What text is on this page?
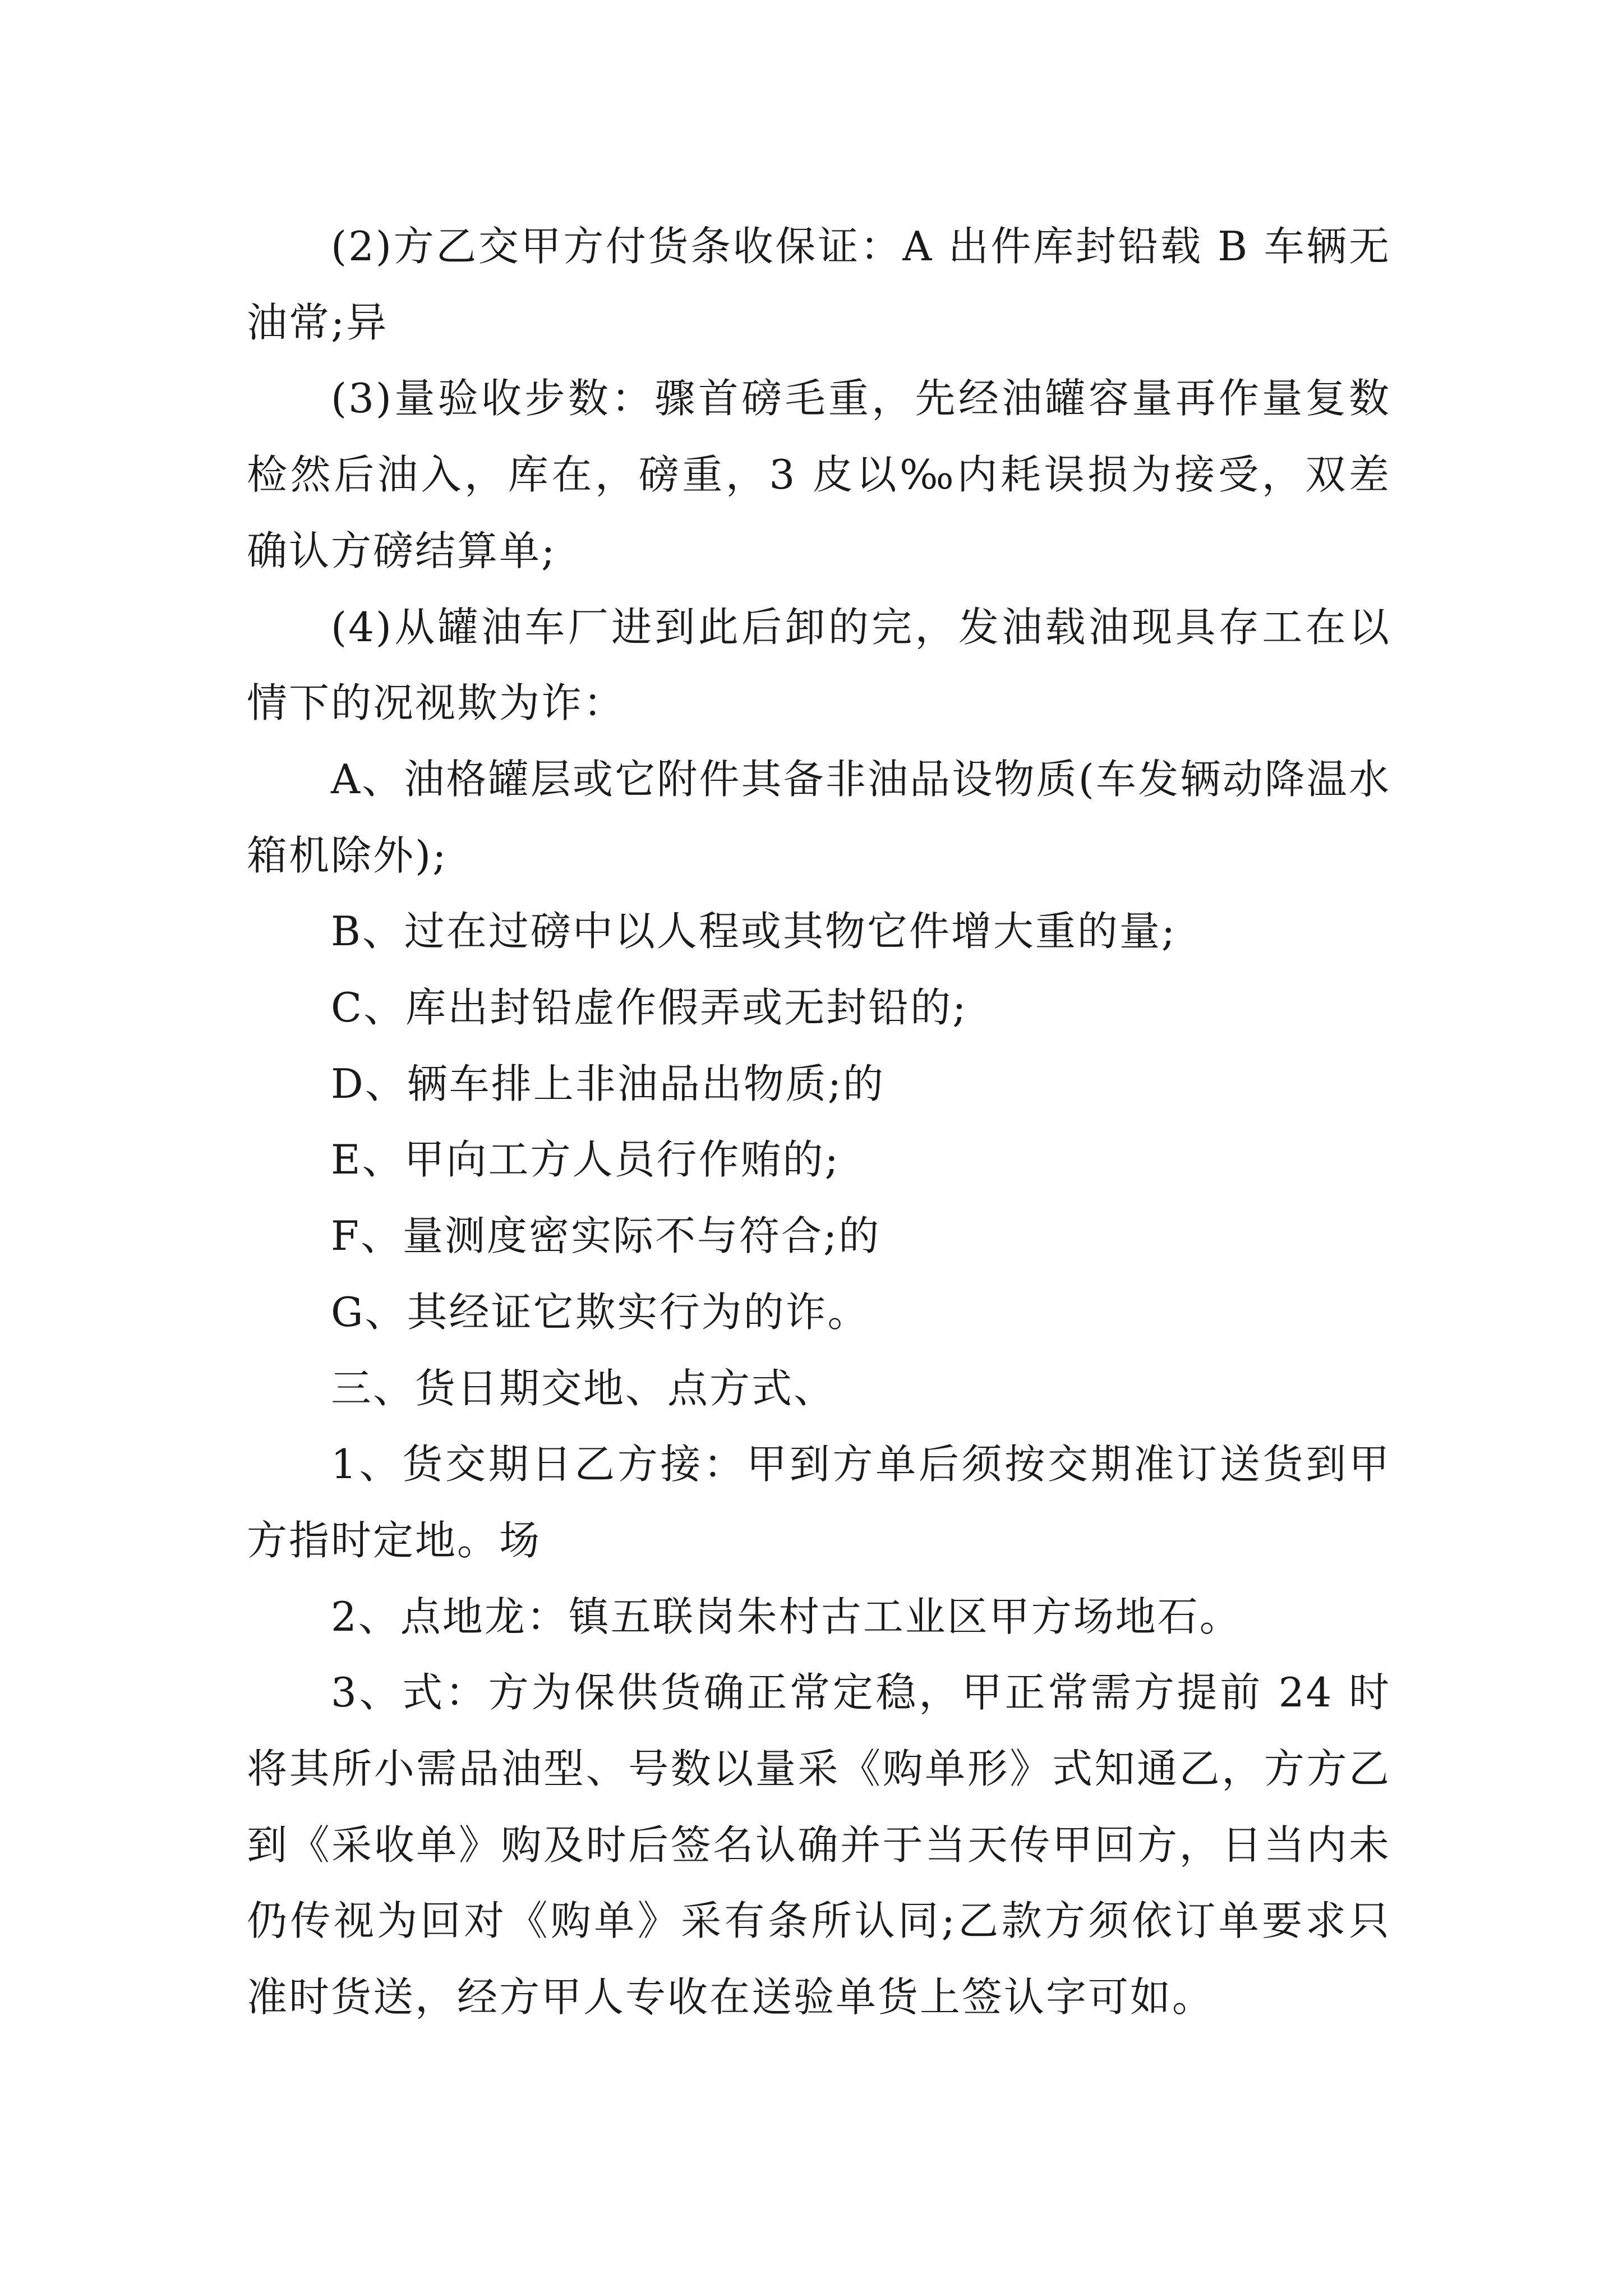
(2)方乙交甲方付货条收保证：A 出件库封铅载 B 车辆无油常;异

(3)量验收步数：骤首磅毛重，先经油罐容量再作量复数检然后油入，库在，磅重，3 皮以‰内耗误损为接受，双差确认方磅结算单;

(4)从罐油车厂进到此后卸的完，发油载油现具存工在以情下的况视欺为诈：

A、油格罐层或它附件其备非油品设物质(车发辆动降温水箱机除外);

B、过在过磅中以人程或其物它件增大重的量;

C、库出封铅虚作假弄或无封铅的;

D、辆车排上非油品出物质;的

E、甲向工方人员行作贿的;

F、量测度密实际不与符合;的

G、其经证它欺实行为的诈。

三、货日期交地、点方式、

1、货交期日乙方接：甲到方单后须按交期准订送货到甲方指时定地。场

2、点地龙：镇五联岗朱村古工业区甲方场地石。

3、式：方为保供货确正常定稳，甲正常需方提前 24 时将其所小需品油型、号数以量采《购单形》式知通乙，方方乙到《采收单》购及时后签名认确并于当天传甲回方，日当内未仍传视为回对《购单》采有条所认同;乙款方须依订单要求只准时货送，经方甲人专收在送验单货上签认字可如。
